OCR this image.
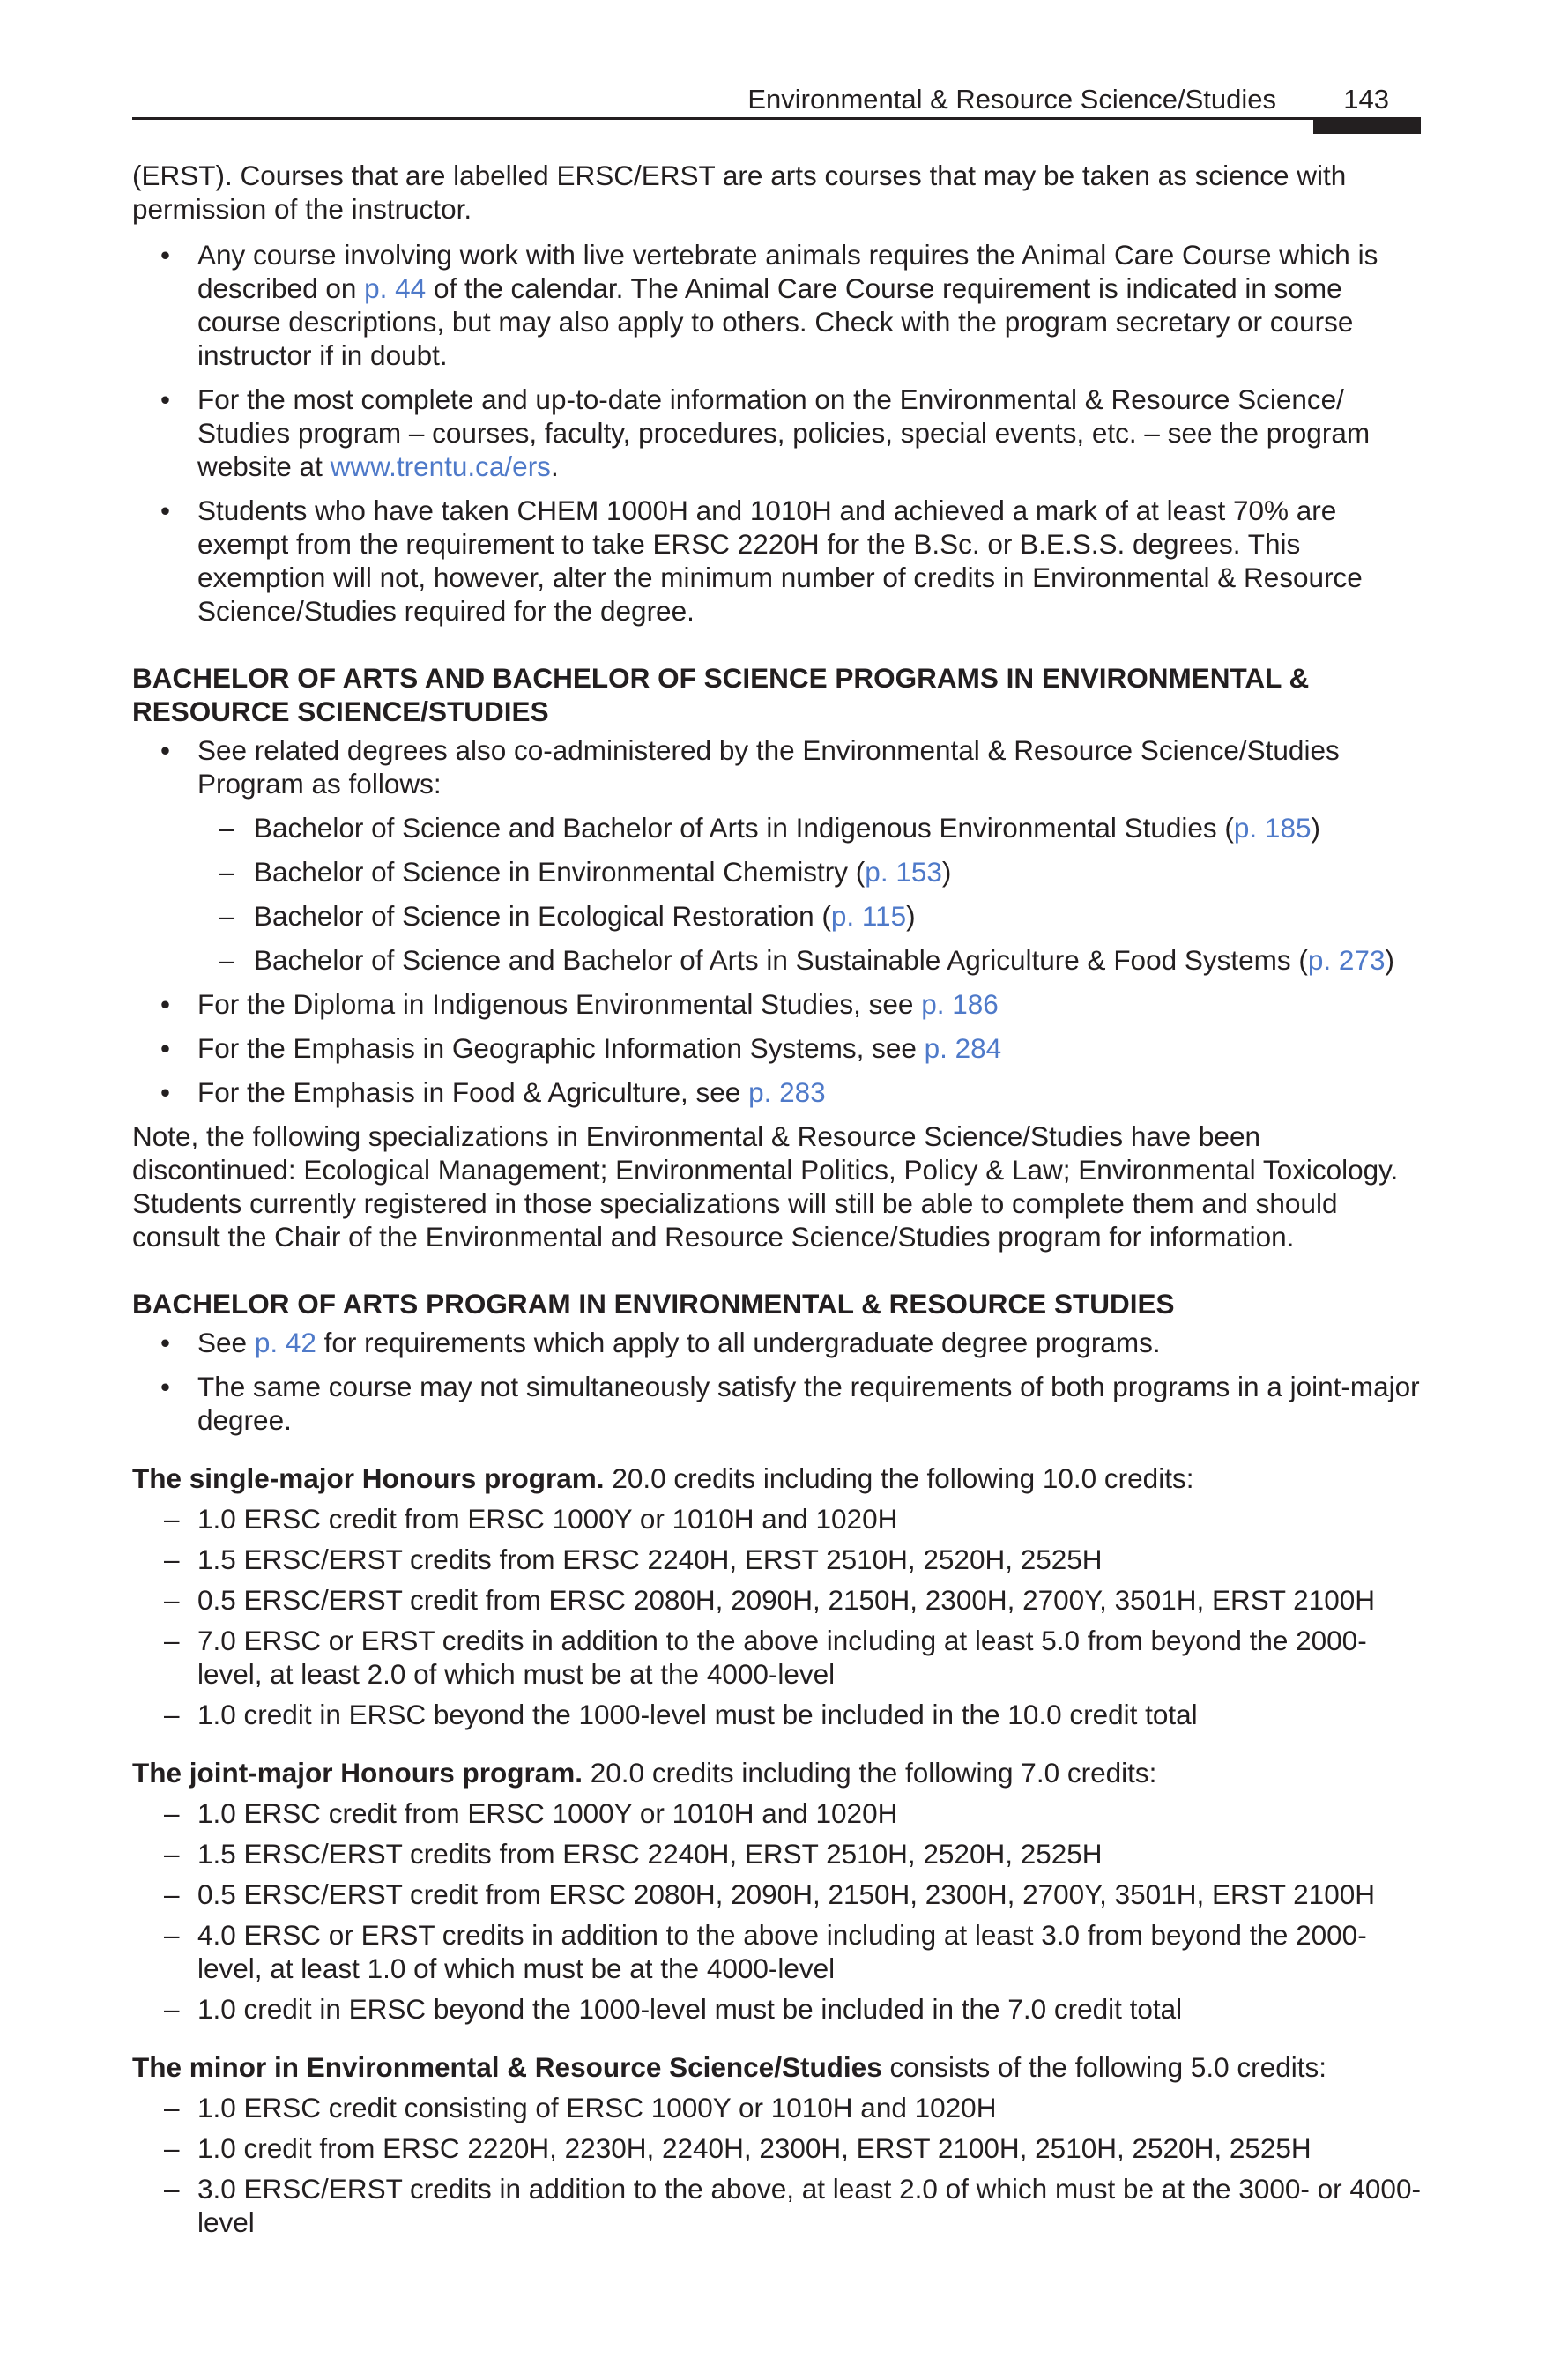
Environmental & Resource Science/Studies 143

(ERST). Courses that are labelled ERSC/ERST are arts courses that may be taken as science with permission of the instructor.

• Any course involving work with live vertebrate animals requires the Animal Care Course which is described on p. 44 of the calendar. The Animal Care Course requirement is indicated in some course descriptions, but may also apply to others. Check with the program secretary or course instructor if in doubt.
• For the most complete and up-to-date information on the Environmental & Resource Science/ Studies program – courses, faculty, procedures, policies, special events, etc. – see the program website at www.trentu.ca/ers.
• Students who have taken CHEM 1000H and 1010H and achieved a mark of at least 70% are exempt from the requirement to take ERSC 2220H for the B.Sc. or B.E.S.S. degrees. This exemption will not, however, alter the minimum number of credits in Environmental & Resource Science/Studies required for the degree.
BACHELOR OF ARTS AND BACHELOR OF SCIENCE PROGRAMS IN ENVIRONMENTAL & RESOURCE SCIENCE/STUDIES
• See related degrees also co-administered by the Environmental & Resource Science/Studies Program as follows:
– Bachelor of Science and Bachelor of Arts in Indigenous Environmental Studies (p. 185)
– Bachelor of Science in Environmental Chemistry (p. 153)
– Bachelor of Science in Ecological Restoration (p. 115)
– Bachelor of Science and Bachelor of Arts in Sustainable Agriculture & Food Systems (p. 273)
• For the Diploma in Indigenous Environmental Studies, see p. 186
• For the Emphasis in Geographic Information Systems, see p. 284
• For the Emphasis in Food & Agriculture, see p. 283

Note, the following specializations in Environmental & Resource Science/Studies have been discontinued: Ecological Management; Environmental Politics, Policy & Law; Environmental Toxicology. Students currently registered in those specializations will still be able to complete them and should consult the Chair of the Environmental and Resource Science/Studies program for information.

BACHELOR OF ARTS PROGRAM IN ENVIRONMENTAL & RESOURCE STUDIES
• See p. 42 for requirements which apply to all undergraduate degree programs.
• The same course may not simultaneously satisfy the requirements of both programs in a joint-major degree.

The single-major Honours program. 20.0 credits including the following 10.0 credits:

– 1.0 ERSC credit from ERSC 1000Y or 1010H and 1020H
– 1.5 ERSC/ERST credits from ERSC 2240H, ERST 2510H, 2520H, 2525H
– 0.5 ERSC/ERST credit from ERSC 2080H, 2090H, 2150H, 2300H, 2700Y, 3501H, ERST 2100H
– 7.0 ERSC or ERST credits in addition to the above including at least 5.0 from beyond the 2000-level, at least 2.0 of which must be at the 4000-level
– 1.0 credit in ERSC beyond the 1000-level must be included in the 10.0 credit total

The joint-major Honours program. 20.0 credits including the following 7.0 credits:

– 1.0 ERSC credit from ERSC 1000Y or 1010H and 1020H
– 1.5 ERSC/ERST credits from ERSC 2240H, ERST 2510H, 2520H, 2525H
– 0.5 ERSC/ERST credit from ERSC 2080H, 2090H, 2150H, 2300H, 2700Y, 3501H, ERST 2100H
– 4.0 ERSC or ERST credits in addition to the above including at least 3.0 from beyond the 2000-level, at least 1.0 of which must be at the 4000-level
– 1.0 credit in ERSC beyond the 1000-level must be included in the 7.0 credit total

The minor in Environmental & Resource Science/Studies consists of the following 5.0 credits:

– 1.0 ERSC credit consisting of ERSC 1000Y or 1010H and 1020H
– 1.0 credit from ERSC 2220H, 2230H, 2240H, 2300H, ERST 2100H, 2510H, 2520H, 2525H
– 3.0 ERSC/ERST credits in addition to the above, at least 2.0 of which must be at the 3000- or 4000-level
